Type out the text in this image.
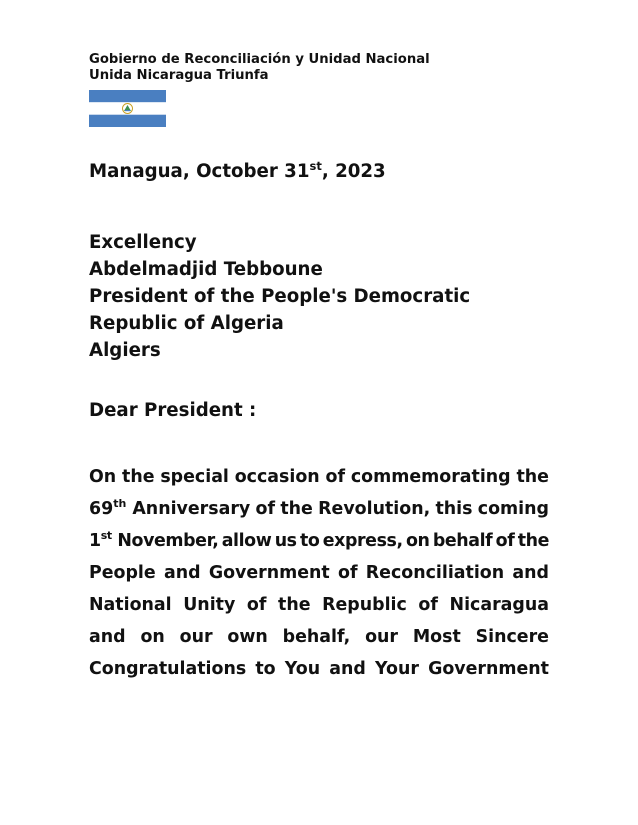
Gobierno de Reconciliación y Unidad Nacional
Unida Nicaragua Triunfa
Managua, October 31st, 2023
Excellency
Abdelmadjid Tebboune
President of the People's Democratic
Republic of Algeria
Algiers
Dear President :
On the special occasion of commemorating the
69th Anniversary of the Revolution, this coming
1st November, allow us to express, on behalf of the
People and Government of Reconciliation and
National Unity of the Republic of Nicaragua
and on our own behalf, our Most Sincere
Congratulations to You and Your Government
